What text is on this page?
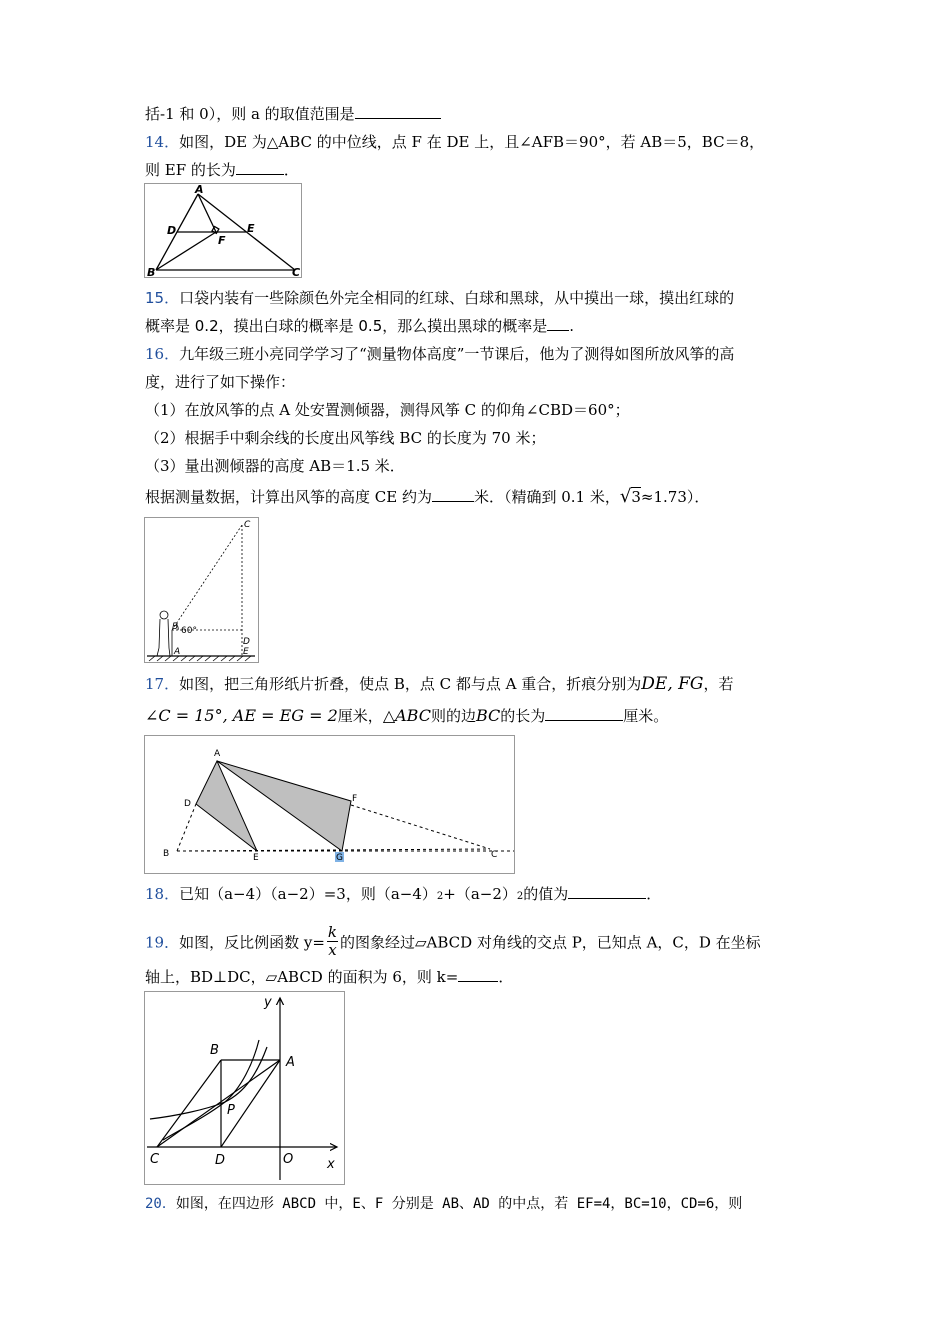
括-1 和 0），则 a 的取值范围是
14．如图，DE 为△ABC 的中位线，点 F 在 DE 上，且∠AFB＝90°，若 AB＝5，BC＝8，
则 EF 的长为	．
A
D	E
F
B	C
15．口袋内装有一些除颜色外完全相同的红球、白球和黑球，从中摸出一球，摸出红球的
概率是 0.2，摸出白球的概率是 0.5，那么摸出黑球的概率是 .
16．九年级三班小亮同学学习了“测量物体高度”一节课后，他为了测得如图所放风筝的高
度，进行了如下操作：
（1）在放风筝的点 A 处安置测倾器，测得风筝 C 的仰角∠CBD＝60°；
（2）根据手中剩余线的长度出风筝线 BC 的长度为 70 米；
（3）量出测倾器的高度 AB＝1.5 米．
根据测量数据，计算出风筝的高度 CE 约为	米．（精确到 0.1 米，√3≈1.73）．
C
B 60°
D
E
A
17．如图，把三角形纸片折叠，使点 B，点 C 都与点 A 重合，折痕分别为DE, FG，若
∠C = 15°, AE = EG = 2厘米，△ABC则的边BC的长为	厘米。
A
D	F
B	E	G	C
18．已知（a−4）（a−2）=3，则（a−4）2+（a−2）2的值为	．
19．如图，反比例函数 $y= \frac{k}{x}$ 的图象经过▱ABCD 对角线的交点 P，已知点 A，C，D 在坐标
轴上，BD⊥DC，▱ABCD 的面积为 6，则 k=	．
y
B
A
P
C	D	O	x
20．如图，在四边形 ABCD 中，E、F 分别是 AB、AD 的中点，若 EF=4，BC=10，CD=6，则
